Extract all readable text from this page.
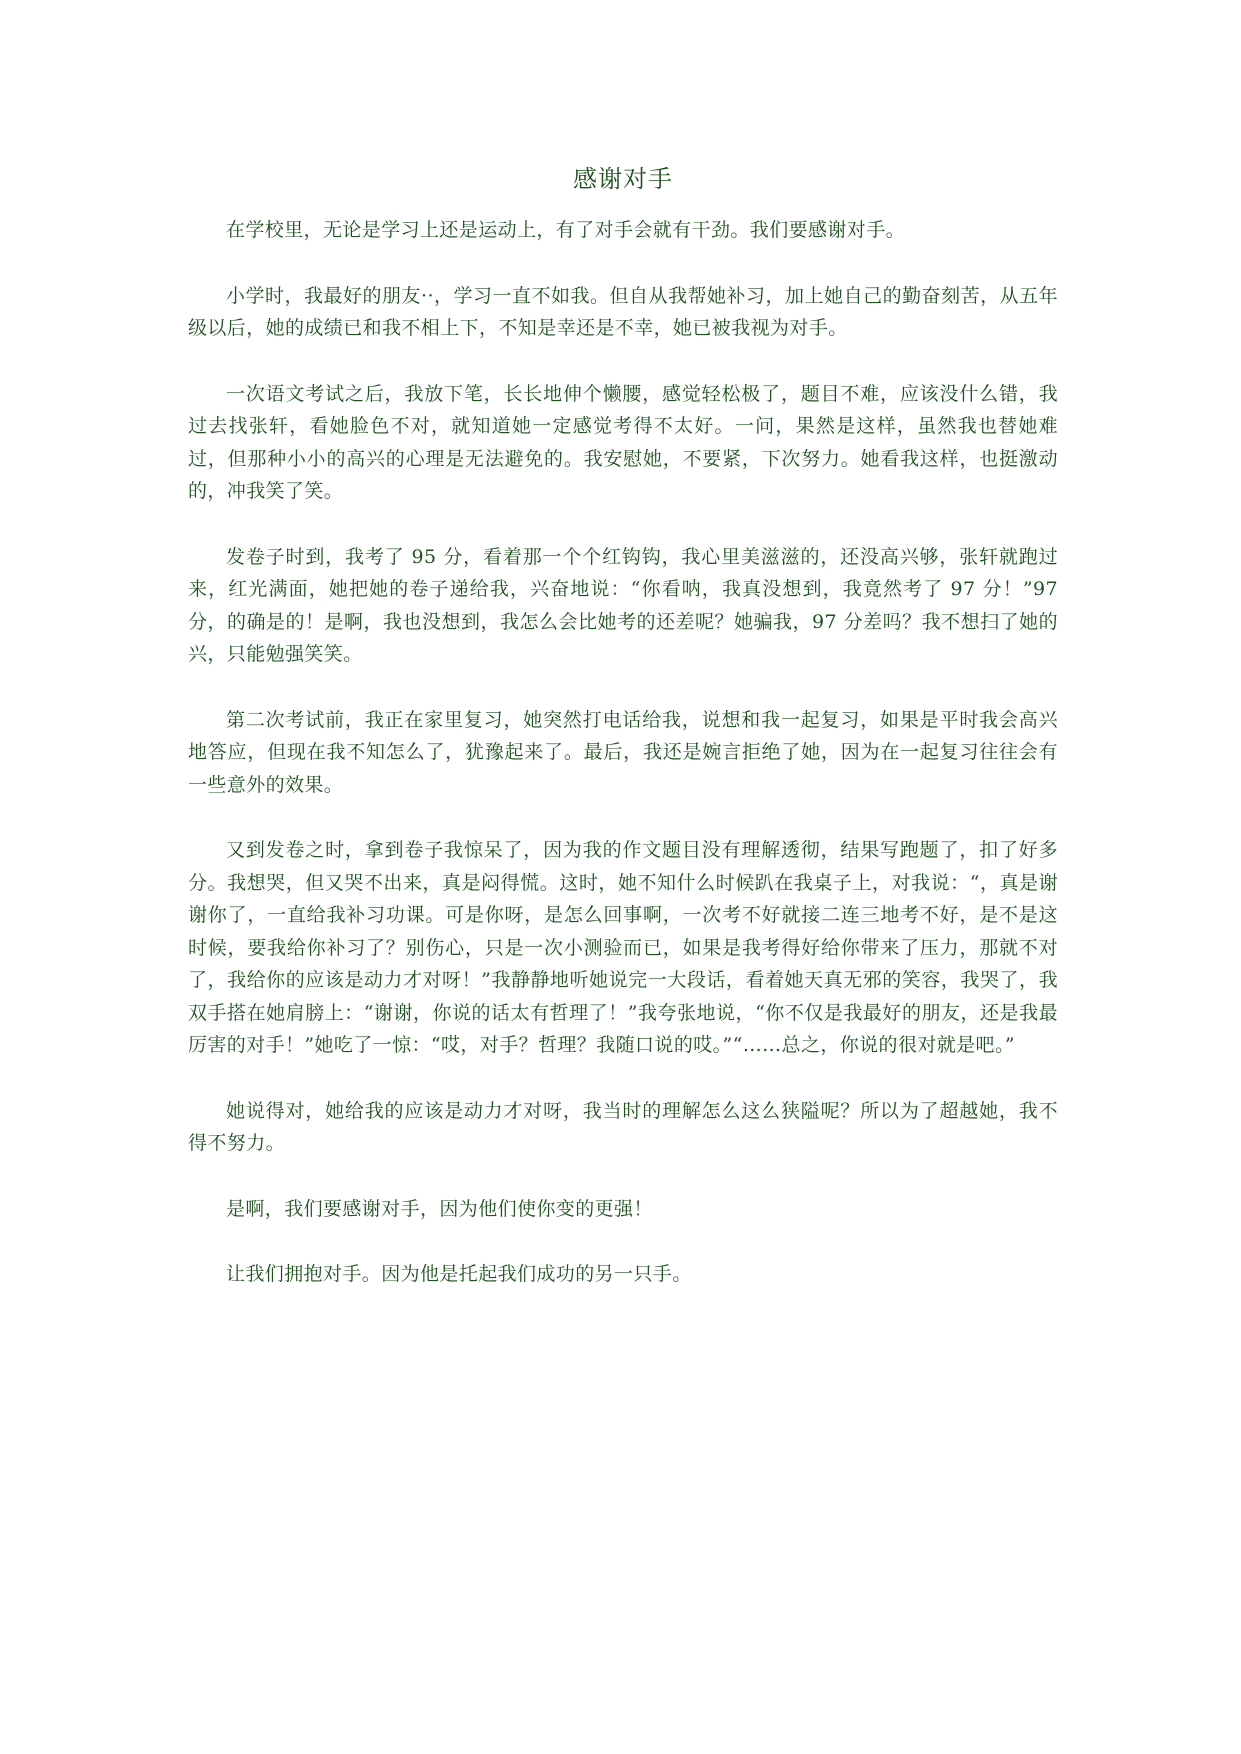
感谢对手

在学校里，无论是学习上还是运动上，有了对手会就有干劲。我们要感谢对手。

小学时，我最好的朋友··，学习一直不如我。但自从我帮她补习，加上她自己的勤奋刻苦，从五年级以后，她的成绩已和我不相上下，不知是幸还是不幸，她已被我视为对手。

一次语文考试之后，我放下笔，长长地伸个懒腰，感觉轻松极了，题目不难，应该没什么错，我过去找张轩，看她脸色不对，就知道她一定感觉考得不太好。一问，果然是这样，虽然我也替她难过，但那种小小的高兴的心理是无法避免的。我安慰她，不要紧，下次努力。她看我这样，也挺激动的，冲我笑了笑。

发卷子时到，我考了 95 分，看着那一个个红钩钩，我心里美滋滋的，还没高兴够，张轩就跑过来，红光满面，她把她的卷子递给我，兴奋地说：“你看呐，我真没想到，我竟然考了 97 分！”97 分，的确是的！是啊，我也没想到，我怎么会比她考的还差呢？她骗我，97 分差吗？我不想扫了她的兴，只能勉强笑笑。

第二次考试前，我正在家里复习，她突然打电话给我，说想和我一起复习，如果是平时我会高兴地答应，但现在我不知怎么了，犹豫起来了。最后，我还是婉言拒绝了她，因为在一起复习往往会有一些意外的效果。

又到发卷之时，拿到卷子我惊呆了，因为我的作文题目没有理解透彻，结果写跑题了，扣了好多分。我想哭，但又哭不出来，真是闷得慌。这时，她不知什么时候趴在我桌子上，对我说：“，真是谢谢你了，一直给我补习功课。可是你呀，是怎么回事啊，一次考不好就接二连三地考不好，是不是这时候，要我给你补习了？别伤心，只是一次小测验而已，如果是我考得好给你带来了压力，那就不对了，我给你的应该是动力才对呀！”我静静地听她说完一大段话，看着她天真无邪的笑容，我哭了，我双手搭在她肩膀上：“谢谢，你说的话太有哲理了！”我夸张地说，“你不仅是我最好的朋友，还是我最厉害的对手！”她吃了一惊：“哎，对手？哲理？我随口说的哎。”“……总之，你说的很对就是吧。”

她说得对，她给我的应该是动力才对呀，我当时的理解怎么这么狭隘呢？所以为了超越她，我不得不努力。

是啊，我们要感谢对手，因为他们使你变的更强！

让我们拥抱对手。因为他是托起我们成功的另一只手。
